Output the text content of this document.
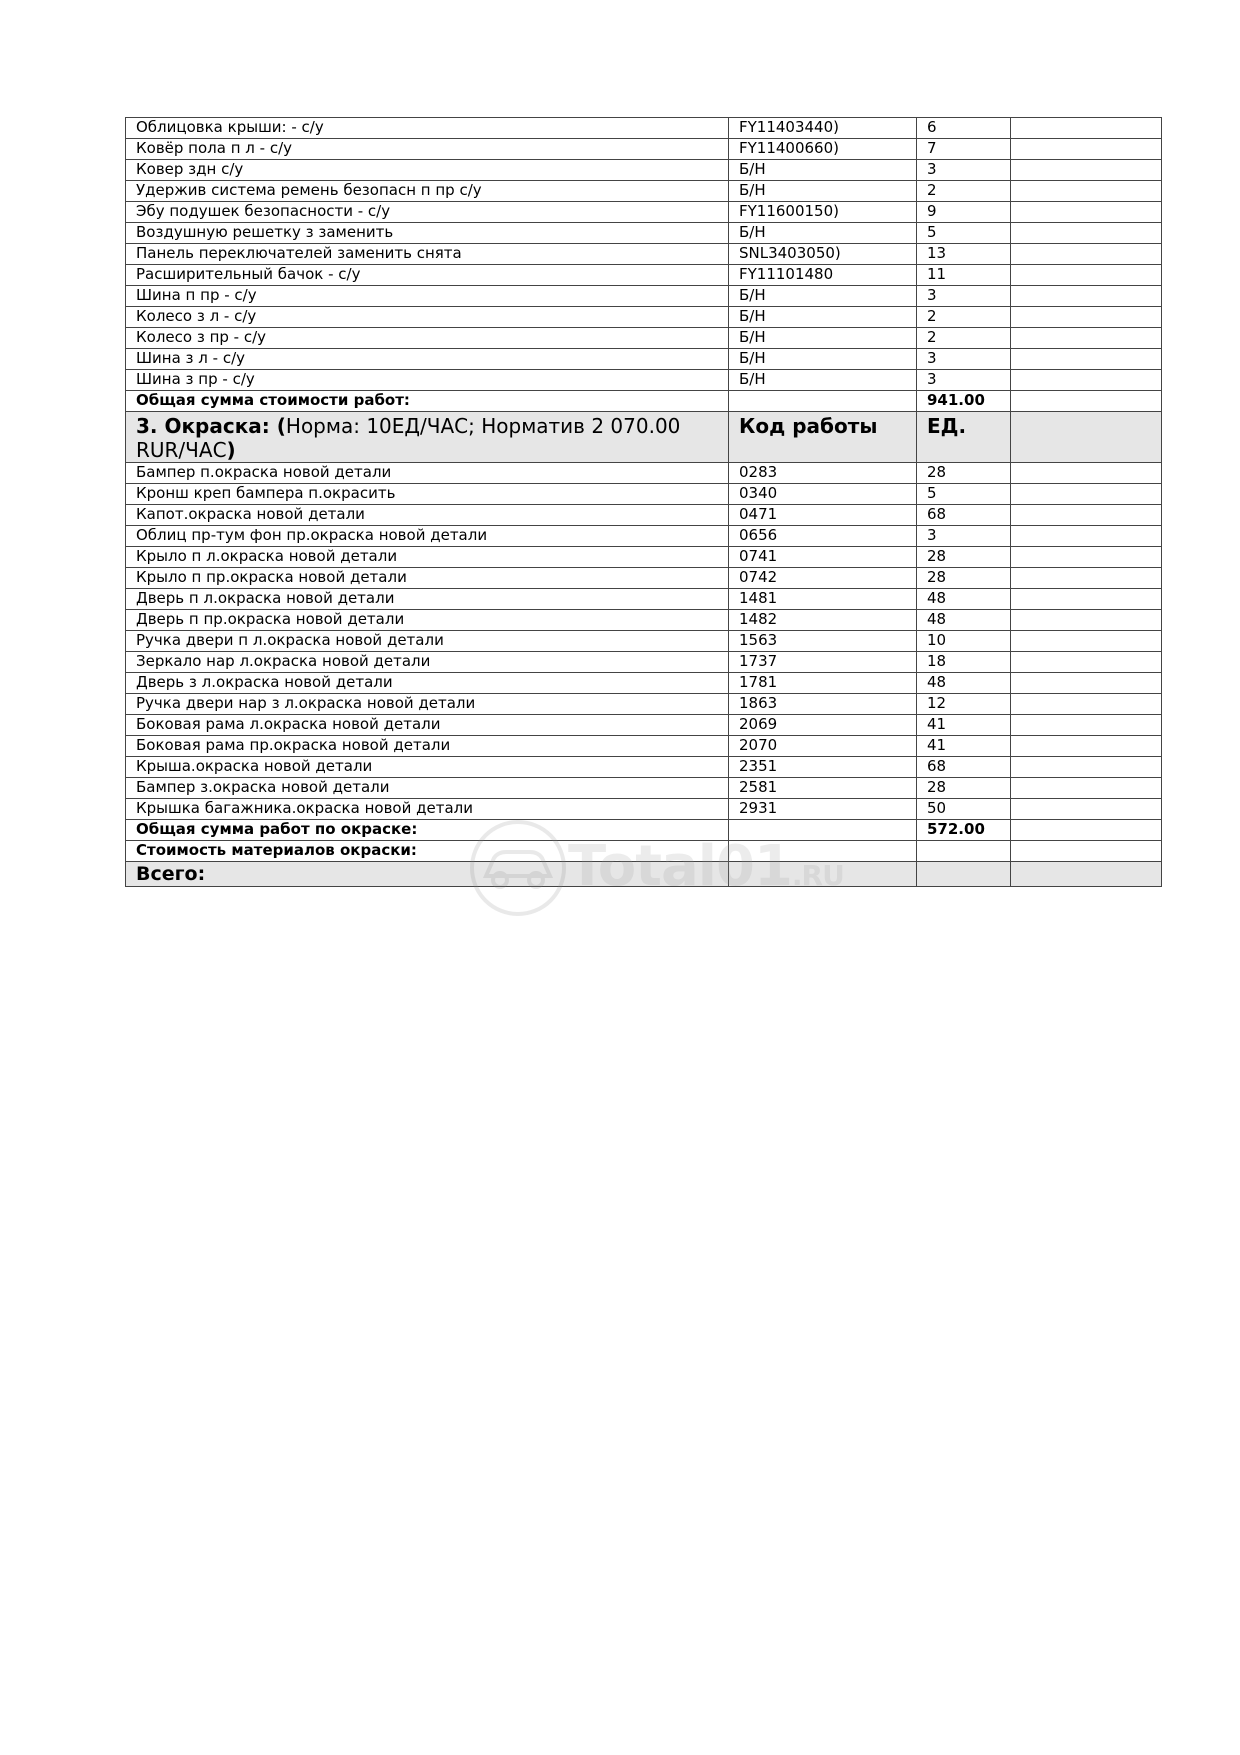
Облицовка крыши: - с/у	FY11403440)	6	
Ковёр пола п л - с/у	FY11400660)	7	
Ковер здн с/у	Б/Н	3	
Удержив система ремень безопасн п пр с/у	Б/Н	2	
Эбу подушек безопасности - с/у	FY11600150)	9	
Воздушную решетку з заменить	Б/Н	5	
Панель переключателей заменить снята	SNL3403050)	13	
Расширительный бачок - с/у	FY11101480	11	
Шина п пр - с/у	Б/Н	3	
Колесо з л - с/у	Б/Н	2	
Колесо з пр - с/у	Б/Н	2	
Шина з л - с/у	Б/Н	3	
Шина з пр - с/у	Б/Н	3	
Общая сумма стоимости работ:		941.00	
3. Окраска: (Норма: 10ЕД/ЧАС; Норматив 2 070.00 RUR/ЧАС)	Код работы	ЕД.	
Бампер п.окраска новой детали	0283	28	
Кронш креп бампера п.окрасить	0340	5	
Капот.окраска новой детали	0471	68	
Облиц пр-тум фон пр.окраска новой детали	0656	3	
Крыло п л.окраска новой детали	0741	28	
Крыло п пр.окраска новой детали	0742	28	
Дверь п л.окраска новой детали	1481	48	
Дверь п пр.окраска новой детали	1482	48	
Ручка двери п л.окраска новой детали	1563	10	
Зеркало нар л.окраска новой детали	1737	18	
Дверь з л.окраска новой детали	1781	48	
Ручка двери нар з л.окраска новой детали	1863	12	
Боковая рама л.окраска новой детали	2069	41	
Боковая рама пр.окраска новой детали	2070	41	
Крыша.окраска новой детали	2351	68	
Бампер з.окраска новой детали	2581	28	
Крышка багажника.окраска новой детали	2931	50	
Общая сумма работ по окраске:		572.00	
Стоимость материалов окраски:			
Всего:			
